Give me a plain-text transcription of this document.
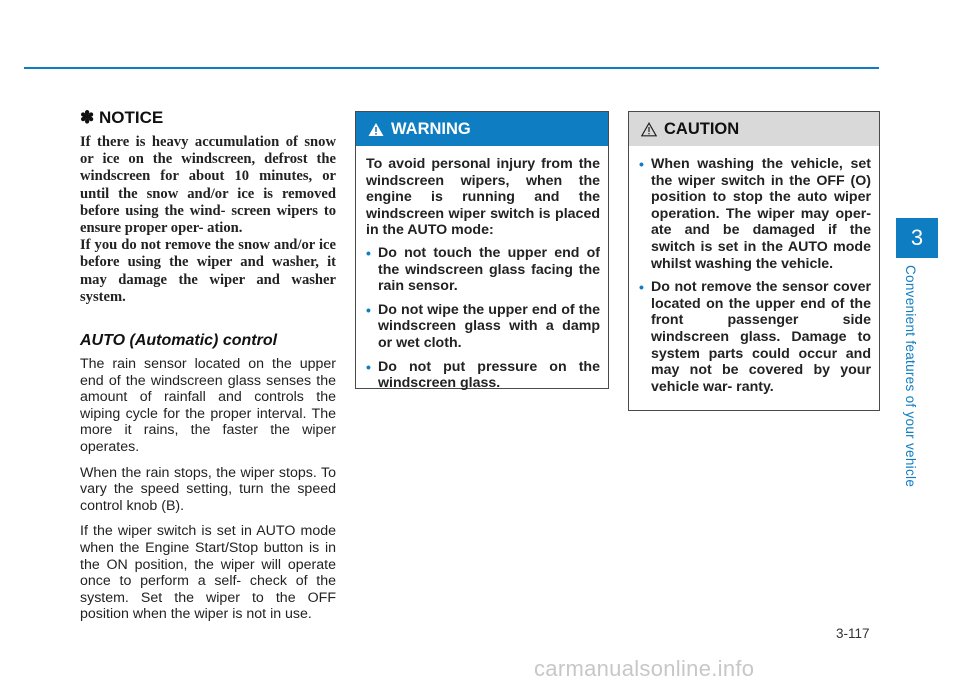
3
Convenient features of your vehicle
✽ NOTICE

If there is heavy accumulation of snow or ice on the windscreen, defrost the windscreen for about 10 minutes, or until the snow and/or ice is removed before using the wind- screen wipers to ensure proper oper- ation.

If you do not remove the snow and/or ice before using the wiper and washer, it may damage the wiper and washer system.

AUTO (Automatic) control

The rain sensor located on the upper end of the windscreen glass senses the amount of rainfall and controls the wiping cycle for the proper interval. The more it rains, the faster the wiper operates.

When the rain stops, the wiper stops. To vary the speed setting, turn the speed control knob (B).

If the wiper switch is set in AUTO mode when the Engine Start/Stop button is in the ON position, the wiper will operate once to perform a self- check of the system. Set the wiper to the OFF position when the wiper is not in use.

WARNING

To avoid personal injury from the windscreen wipers, when the engine is running and the windscreen wiper switch is placed in the AUTO mode:

• Do not touch the upper end of the windscreen glass facing the rain sensor.
• Do not wipe the upper end of the windscreen glass with a damp or wet cloth.
• Do not put pressure on the windscreen glass.
CAUTION
• When washing the vehicle, set the wiper switch in the OFF (O) position to stop the auto wiper operation. The wiper may oper- ate and be damaged if the switch is set in the AUTO mode whilst washing the vehicle.
• Do not remove the sensor cover located on the upper end of the front passenger side windscreen glass. Damage to system parts could occur and may not be covered by your vehicle war- ranty.
3-117
carmanualsonline.info
